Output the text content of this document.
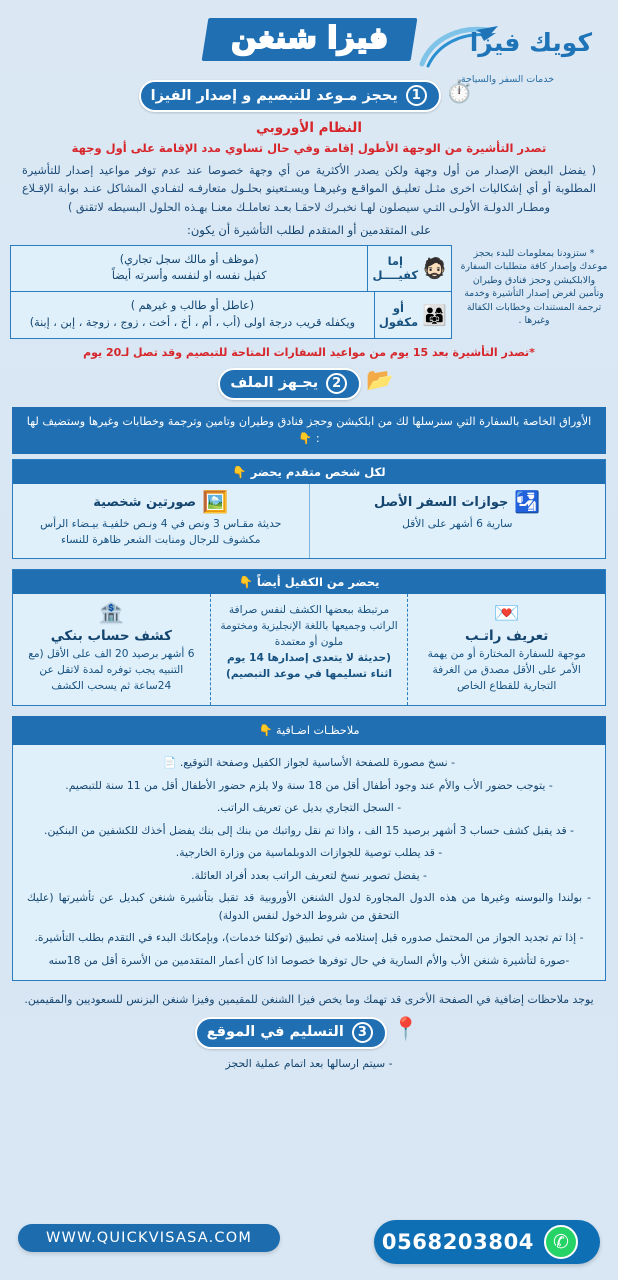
كويك فيزا
خدمات السفر والسياحة
فيزا شنغن
⏱️
1
يحجز مـوعد للتبصيم و إصدار الفيزا
النظام الأوروبي
تصدر التأشيرة من الوجهة الأطول إقامة وفي حال تساوي مدد الإقامة على أول وجهة
( يفضل البعض الإصدار من أول وجهة ولكن يصدر الأكثرية من أي وجهة خصوصا عند عدم توفر مواعيد إصدار للتأشيرة المطلوبة أو أي إشكاليات اخرى مثـل تعليـق المواقـع وغيرهـا ويسـتعينو بحلـول متعارفـه لتفـادي المشاكل عنـد بوابة الإقـلاع ومطـار الدولـة الأولـى التـي سيصلون لهـا نخبـرك لاحقـا بعـد تعاملـك معنـا بهـذه الحلول البسيطه لاتقنق )
على المتقدمين أو المتقدم لطلب التأشيرة أن يكون:
* ستزودنا بمعلومات للبدء بحجز موعدك وإصدار كافة متطلبات السفارة والابلكيشن وحجز فنادق وطيران وتأمين لغرض إصدار التأشيرة وخدمة ترجمة المستندات وخطابات الكفالة وغيرها .
🧔🏻
إما كفيــــل
(موظف أو مالك سجل تجاري)
كفيل نفسه او لنفسه وأسرته أيضاً
👨‍👩‍👧
أو مكفول
(عاطل أو طالب و غيرهم )
ويكفله قريب درجة اولى (أب ، أم ، أخ ، أخت ، زوج ، زوجة ، إبن ، إبنة)
*تصدر التأشيرة بعد 15 يوم من مواعيد السفارات المتاحة للتبصيم وقد تصل لـ20 يوم
📂
2
يجـهز الملف
الأوراق الخاصة بالسفارة التي سنرسلها لك من ابلكيشن وحجز فنادق وطيران وتامين وترجمة وخطابات وغيرها وستضيف لها : 👇
لكل شخص متقدم يحضر 👇
🛂
جوازات السفر الأصل
سارية 6 أشهر على الأقل
🖼️
صورتين شخصية
حديثة مقـاس 3 ونص في 4 ونـص خلفيـة بيـضاء الرأس مكشوف للرجال ومنابت الشعر ظاهرة للنساء
يحضر من الكفيل أيضاً 👇
💌
تعريف راتـب
موجهة للسفارة المختارة أو من يهمة الأمر على الأقل مصدق من الغرفة التجارية للقطاع الخاص
مرتبطة ببعضها الكشف لنفس صرافة الراتب وجميعها باللغة الإنجليزية ومختومة ملون أو معتمدة
(حديثة لا يتعدى إصدارها 14 يوم اثناء تسليمها في موعد التبصيم)
🏦
كشف حساب بنكي
6 أشهر برصيد 20 الف على الأقل (مع التنبيه يجب توفره لمدة لاتقل عن 24ساعة ثم يسحب الكشف
ملاحظـات اضـافية 👇
- نسخ مصورة للصفحة الأساسية لجواز الكفيل وصفحة التوقيع. 📄
- يتوجب حضور الأب والأم عند وجود أطفال أقل من 18 سنة ولا يلزم حضور الأطفال أقل من 11 سنة للتبصيم.
- السجل التجاري بديل عن تعريف الراتب.
- قد يقبل كشف حساب 3 أشهر برصيد 15 الف ، واذا تم نقل رواتبك من بنك إلى بنك يفضل أخذك للكشفين من البنكين.
- قد يطلب توصية للجوازات الدوبلماسية من وزارة الخارجية.
- يفضل تصوير نسخ لتعريف الراتب بعدد أفراد العائلة.
- بولندا والبوسنه وغيرها من هذه الدول المجاورة لدول الشنغن الأوروبية قد تقبل بتأشيرة شنغن كبديل عن تأشيرتها (عليك التحقق من شروط الدخول لنفس الدولة)
- إذا تم تجديد الجواز من المحتمل صدوره قبل إستلامه في تطبيق (توكلنا خدمات)، وبإمكانك البدء في التقدم بطلب التأشيرة.
-صورة لتأشيرة شنغن الأب والأم السارية في حال توفرها خصوصا اذا كان أعمار المتقدمين من الأسرة أقل من 18سنه
يوجد ملاحظات إضافية في الصفحة الأخرى قد تهمك وما يخص فيزا الشنغن للمقيمين وفيزا شنغن البزنس للسعوديين والمقيمين.
📍
3
التسليم في الموقع
- سيتم ارسالها بعد اتمام عملية الحجز
✆
0568203804
WWW.QUICKVISASA.COM
